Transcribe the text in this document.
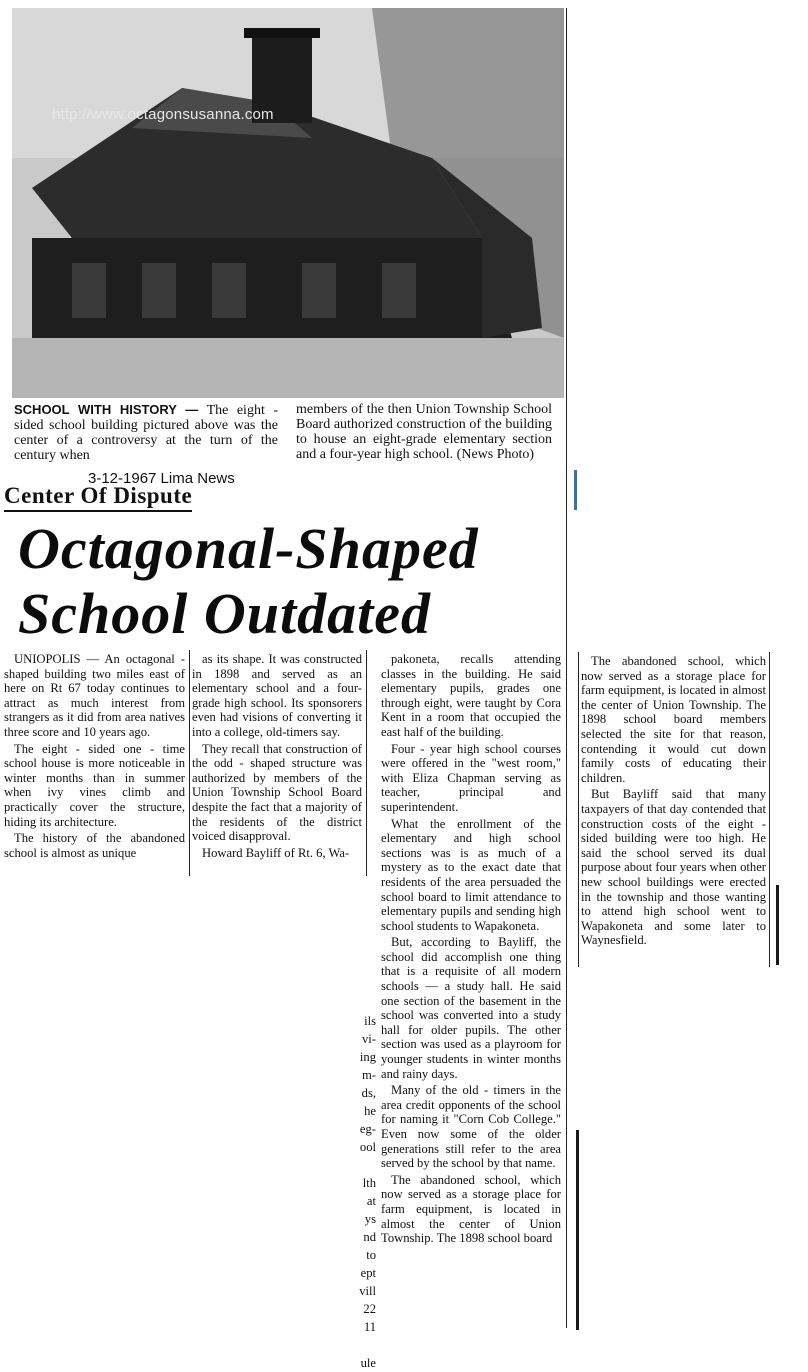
http://www.octagonsusanna.com
SCHOOL WITH HISTORY — The eight - sided school building pictured above was the center of a controversy at the turn of the century when
members of the then Union Township School Board authorized construction of the building to house an eight-grade elementary section and a four-year high school. (News Photo)
3-12-1967 Lima News
Center Of Dispute
Octagonal-Shaped
School Outdated

UNIOPOLIS — An octagonal - shaped building two miles east of here on Rt 67 today continues to attract as much interest from strangers as it did from area natives three score and 10 years ago.

The eight - sided one - time school house is more noticeable in winter months than in summer when ivy vines climb and practically cover the structure, hiding its architecture.

The history of the abandoned school is almost as unique

as its shape. It was constructed in 1898 and served as an elementary school and a four-grade high school. Its sponsorers even had visions of converting it into a college, old-timers say.

They recall that construction of the odd - shaped structure was authorized by members of the Union Township School Board despite the fact that a majority of the residents of the district voiced disapproval.

Howard Bayliff of Rt. 6, Wa-

pakoneta, recalls attending classes in the building. He said elementary pupils, grades one through eight, were taught by Cora Kent in a room that occupied the east half of the building.

Four - year high school courses were offered in the "west room," with Eliza Chapman serving as teacher, principal and superintendent.

What the enrollment of the elementary and high school sections was is as much of a mystery as to the exact date that residents of the area persuaded the school board to limit attendance to elementary pupils and sending high school students to Wapakoneta.

But, according to Bayliff, the school did accomplish one thing that is a requisite of all modern schools — a study hall. He said one section of the basement in the school was converted into a study hall for older pupils. The other section was used as a playroom for younger students in winter months and rainy days.

Many of the old - timers in the area credit opponents of the school for naming it "Corn Cob College." Even now some of the older generations still refer to the area served by the school by that name.

The abandoned school, which now served as a storage place for farm equipment, is located in almost the center of Union Township. The 1898 school board

The abandoned school, which now served as a storage place for farm equipment, is located in almost the center of Union Township. The 1898 school board members selected the site for that reason, contending it would cut down family costs of educating their children.

But Bayliff said that many taxpayers of that day contended that construction costs of the eight - sided building were too high. He said the school served its dual purpose about four years when other new school buildings were erected in the township and those wanting to attend high school went to Wapakoneta and some later to Waynesfield.

ils
vi-
ing
m-
ds,
he
eg-
ool

lth
at
ys
nd
to
ept
vill
22
11

ule
